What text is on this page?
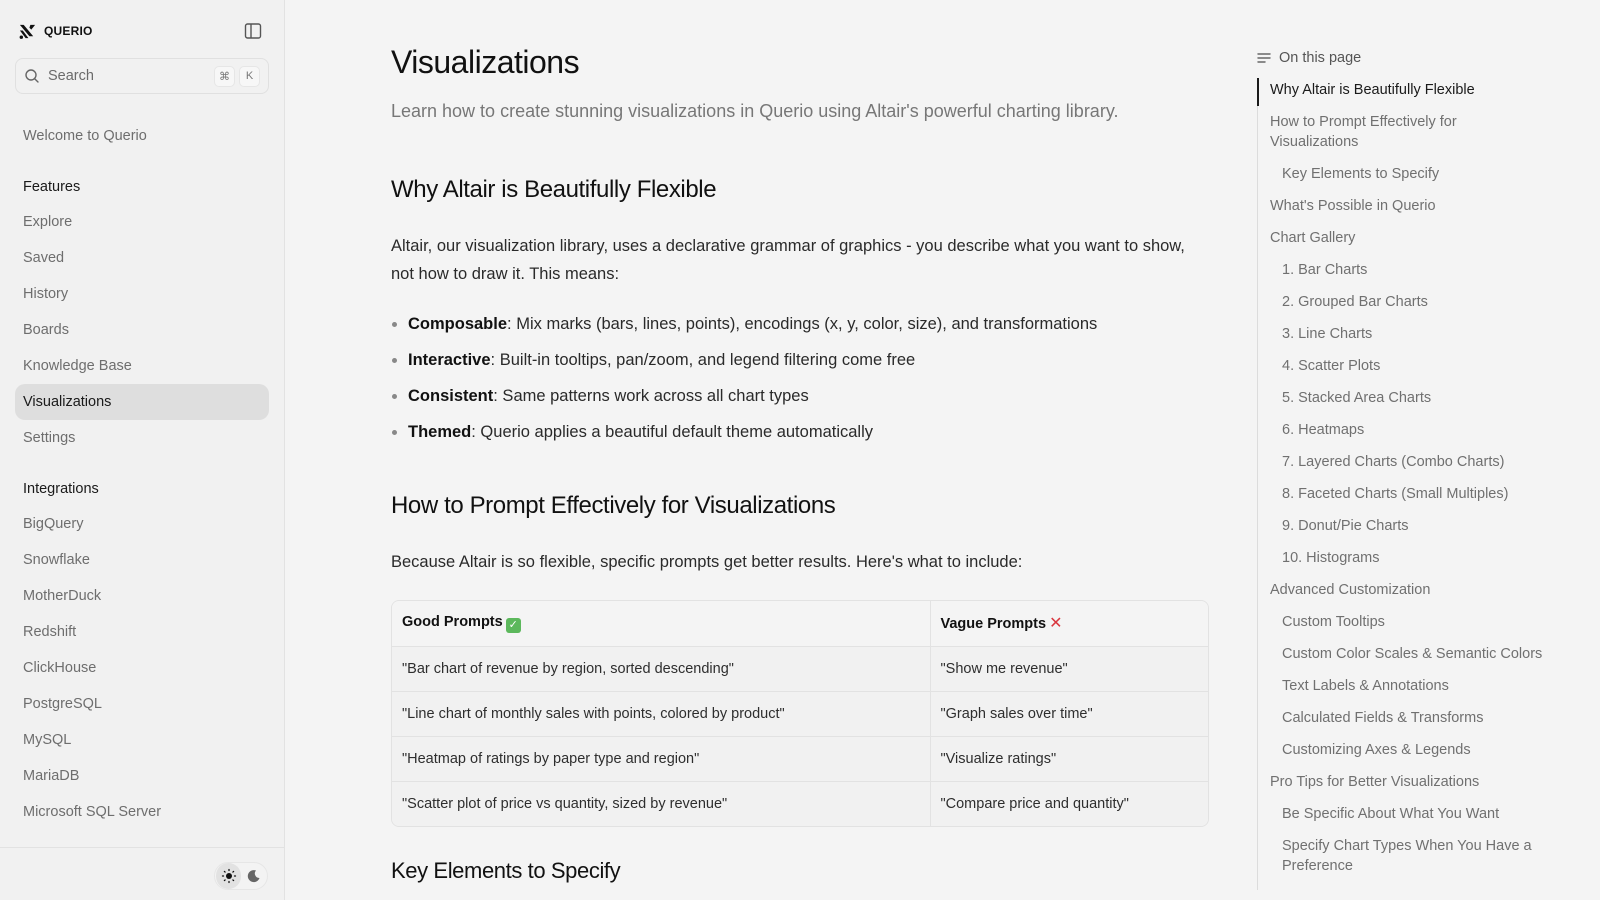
QUERIO
Search	⌘	K
Welcome to Querio
Features
Explore
Saved
History
Boards
Knowledge Base
Visualizations
Settings
Integrations
BigQuery
Snowflake
MotherDuck
Redshift
ClickHouse
PostgreSQL
MySQL
MariaDB
Microsoft SQL Server
Visualizations

Learn how to create stunning visualizations in Querio using Altair's powerful charting library.

Why Altair is Beautifully Flexible

Altair, our visualization library, uses a declarative grammar of graphics - you describe what you want to show, not how to draw it. This means:

Composable : Mix marks (bars, lines, points), encodings (x, y, color, size), and transformations
Interactive : Built-in tooltips, pan/zoom, and legend filtering come free
Consistent : Same patterns work across all chart types
Themed : Querio applies a beautiful default theme automatically
How to Prompt Effectively for Visualizations

Because Altair is so flexible, specific prompts get better results. Here's what to include:

Good Prompts ✓	Vague Prompts ✕
"Bar chart of revenue by region, sorted descending"	"Show me revenue"
"Line chart of monthly sales with points, colored by product"	"Graph sales over time"
"Heatmap of ratings by paper type and region"	"Visualize ratings"
"Scatter plot of price vs quantity, sized by revenue"	"Compare price and quantity"
Key Elements to Specify
On this page
Why Altair is Beautifully Flexible
How to Prompt Effectively for Visualizations
Key Elements to Specify
What's Possible in Querio
Chart Gallery
1. Bar Charts
2. Grouped Bar Charts
3. Line Charts
4. Scatter Plots
5. Stacked Area Charts
6. Heatmaps
7. Layered Charts (Combo Charts)
8. Faceted Charts (Small Multiples)
9. Donut/Pie Charts
10. Histograms
Advanced Customization
Custom Tooltips
Custom Color Scales & Semantic Colors
Text Labels & Annotations
Calculated Fields & Transforms
Customizing Axes & Legends
Pro Tips for Better Visualizations
Be Specific About What You Want
Specify Chart Types When You Have a Preference
